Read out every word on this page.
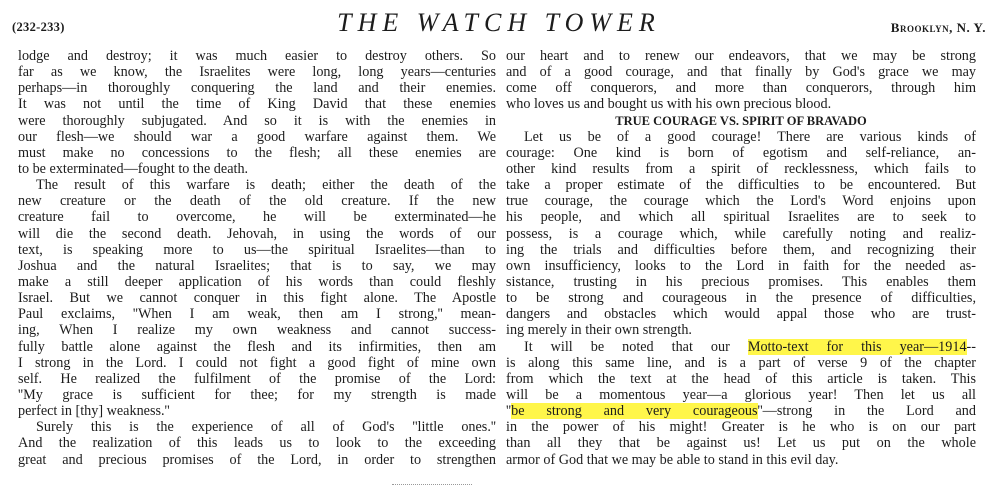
(232-233)	THE WATCH TOWER	Brooklyn, N. Y.
lodge and destroy; it was much easier to destroy others. So
far as we know, the Israelites were long, long years—centuries
perhaps—in thoroughly conquering the land and their enemies.
It was not until the time of King David that these enemies
were thoroughly subjugated. And so it is with the enemies in
our flesh—we should war a good warfare against them. We
must make no concessions to the flesh; all these enemies are
to be exterminated—fought to the death.
The result of this warfare is death; either the death of the
new creature or the death of the old creature. If the new
creature fail to overcome, he will be exterminated—he
will die the second death. Jehovah, in using the words of our
text, is speaking more to us—the spiritual Israelites—than to
Joshua and the natural Israelites; that is to say, we may
make a still deeper application of his words than could fleshly
Israel. But we cannot conquer in this fight alone. The Apostle
Paul exclaims, ''When I am weak, then am I strong,'' mean-
ing, When I realize my own weakness and cannot success-
fully battle alone against the flesh and its infirmities, then am
I strong in the Lord. I could not fight a good fight of mine own
self. He realized the fulfilment of the promise of the Lord:
''My grace is sufficient for thee; for my strength is made
perfect in [thy] weakness.''
Surely this is the experience of all of God's ''little ones.''
And the realization of this leads us to look to the exceeding
great and precious promises of the Lord, in order to strengthen
our heart and to renew our endeavors, that we may be strong
and of a good courage, and that finally by God's grace we may
come off conquerors, and more than conquerors, through him
who loves us and bought us with his own precious blood.
TRUE COURAGE VS. SPIRIT OF BRAVADO
Let us be of a good courage! There are various kinds of
courage: One kind is born of egotism and self-reliance, an-
other kind results from a spirit of recklessness, which fails to
take a proper estimate of the difficulties to be encountered. But
true courage, the courage which the Lord's Word enjoins upon
his people, and which all spiritual Israelites are to seek to
possess, is a courage which, while carefully noting and realiz-
ing the trials and difficulties before them, and recognizing their
own insufficiency, looks to the Lord in faith for the needed as-
sistance, trusting in his precious promises. This enables them
to be strong and courageous in the presence of difficulties,
dangers and obstacles which would appal those who are trust-
ing merely in their own strength.
It will be noted that our Motto-text for this year—1914--
is along this same line, and is a part of verse 9 of the chapter
from which the text at the head of this article is taken. This
will be a momentous year—a glorious year! Then let us all
''be strong and very courageous''—strong in the Lord and
in the power of his might! Greater is he who is on our part
than all they that be against us! Let us put on the whole
armor of God that we may be able to stand in this evil day.
